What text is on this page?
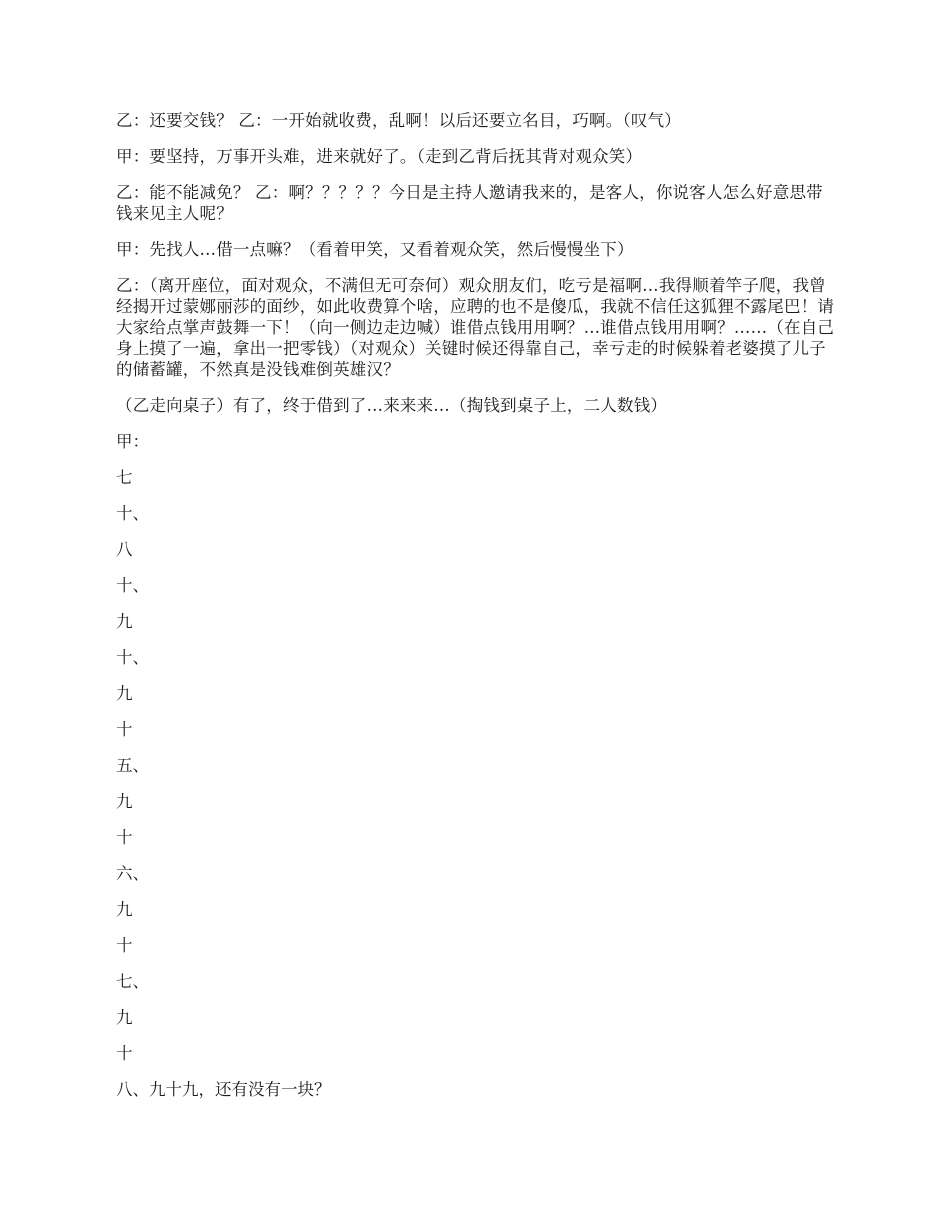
乙：还要交钱？ 乙：一开始就收费，乱啊！以后还要立名目，巧啊。（叹气）

甲：要坚持，万事开头难，进来就好了。（走到乙背后抚其背对观众笑）

乙：能不能减免？ 乙：啊？？？？？今日是主持人邀请我来的，是客人，你说客人怎么好意思带钱来见主人呢？

甲：先找人…借一点嘛？（看着甲笑，又看着观众笑，然后慢慢坐下）

乙：（离开座位，面对观众，不满但无可奈何）观众朋友们，吃亏是福啊…我得顺着竿子爬，我曾经揭开过蒙娜丽莎的面纱，如此收费算个啥，应聘的也不是傻瓜，我就不信任这狐狸不露尾巴！请大家给点掌声鼓舞一下！（向一侧边走边喊）谁借点钱用用啊？…谁借点钱用用啊？……（在自己身上摸了一遍，拿出一把零钱）（对观众）关键时候还得靠自己，幸亏走的时候躲着老婆摸了儿子的储蓄罐，不然真是没钱难倒英雄汉？

（乙走向桌子）有了，终于借到了…来来来…（掏钱到桌子上，二人数钱）

甲：

七

十、

八

十、

九

十、

九

十

五、

九

十

六、

九

十

七、

九

十

八、九十九，还有没有一块？
